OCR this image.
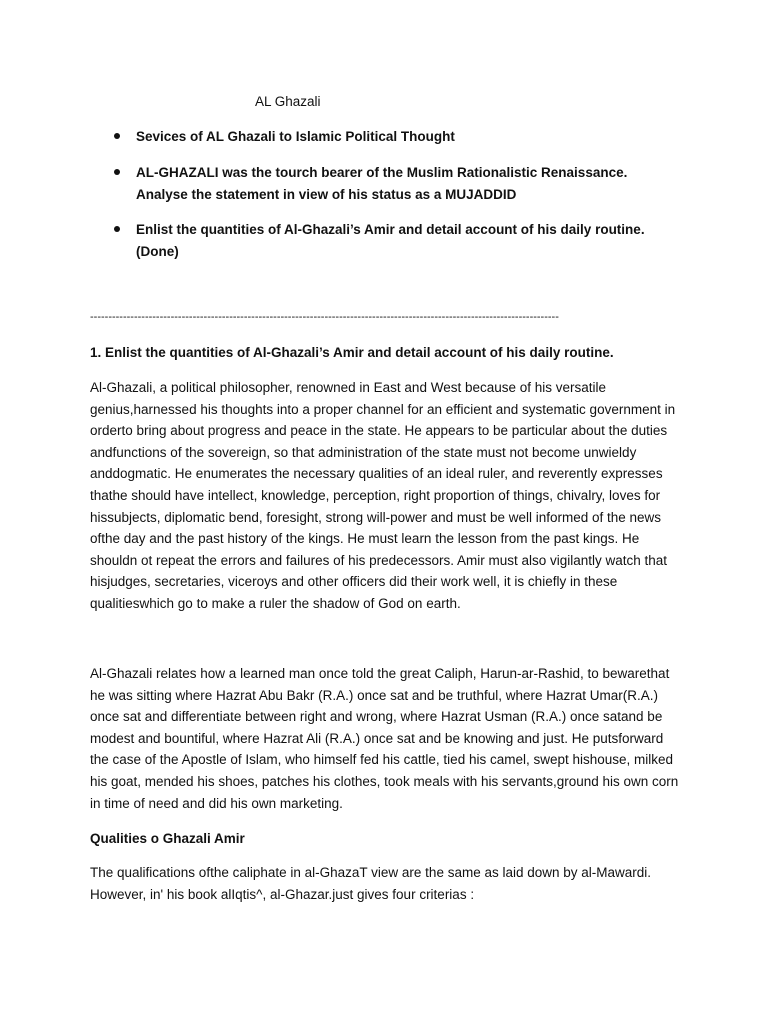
AL Ghazali
Sevices of AL Ghazali to Islamic Political Thought
AL-GHAZALI was the tourch bearer of the Muslim Rationalistic Renaissance. Analyse the statement in view of his status as a MUJADDID
Enlist the quantities of Al-Ghazali’s Amir and detail account of his daily routine. (Done)
--------------------------------------------------------------------------------------------------------------------------------
1. Enlist the quantities of Al-Ghazali’s Amir and detail account of his daily routine.
Al-Ghazali, a political philosopher, renowned in East and West because of his versatile genius,harnessed his thoughts into a proper channel for an efficient and systematic government in orderto bring about progress and peace in the state. He appears to be particular about the duties andfunctions of the sovereign, so that administration of the state must not become unwieldy anddogmatic. He enumerates the necessary qualities of an ideal ruler, and reverently expresses thathe should have intellect, knowledge, perception, right proportion of things, chivalry, loves for hissubjects, diplomatic bend, foresight, strong will-power and must be well informed of the news ofthe day and the past history of the kings. He must learn the lesson from the past kings. He shouldn ot repeat the errors and failures of his predecessors. Amir must also vigilantly watch that hisjudges, secretaries, viceroys and other officers did their work well, it is chiefly in these qualitieswhich go to make a ruler the shadow of God on earth.
Al-Ghazali relates how a learned man once told the great Caliph, Harun-ar-Rashid, to bewarethat he was sitting where Hazrat Abu Bakr (R.A.) once sat and be truthful, where Hazrat Umar(R.A.) once sat and differentiate between right and wrong, where Hazrat Usman (R.A.) once satand be modest and bountiful, where Hazrat Ali (R.A.) once sat and be knowing and just. He putsforward the case of the Apostle of Islam, who himself fed his cattle, tied his camel, swept hishouse, milked his goat, mended his shoes, patches his clothes, took meals with his servants,ground his own corn in time of need and did his own marketing.
Qualities o Ghazali Amir
The qualifications ofthe caliphate in al-GhazaT view are the same as laid down by al-Mawardi. However, in' his book alIqtis^, al-Ghazar.just gives four criterias :
